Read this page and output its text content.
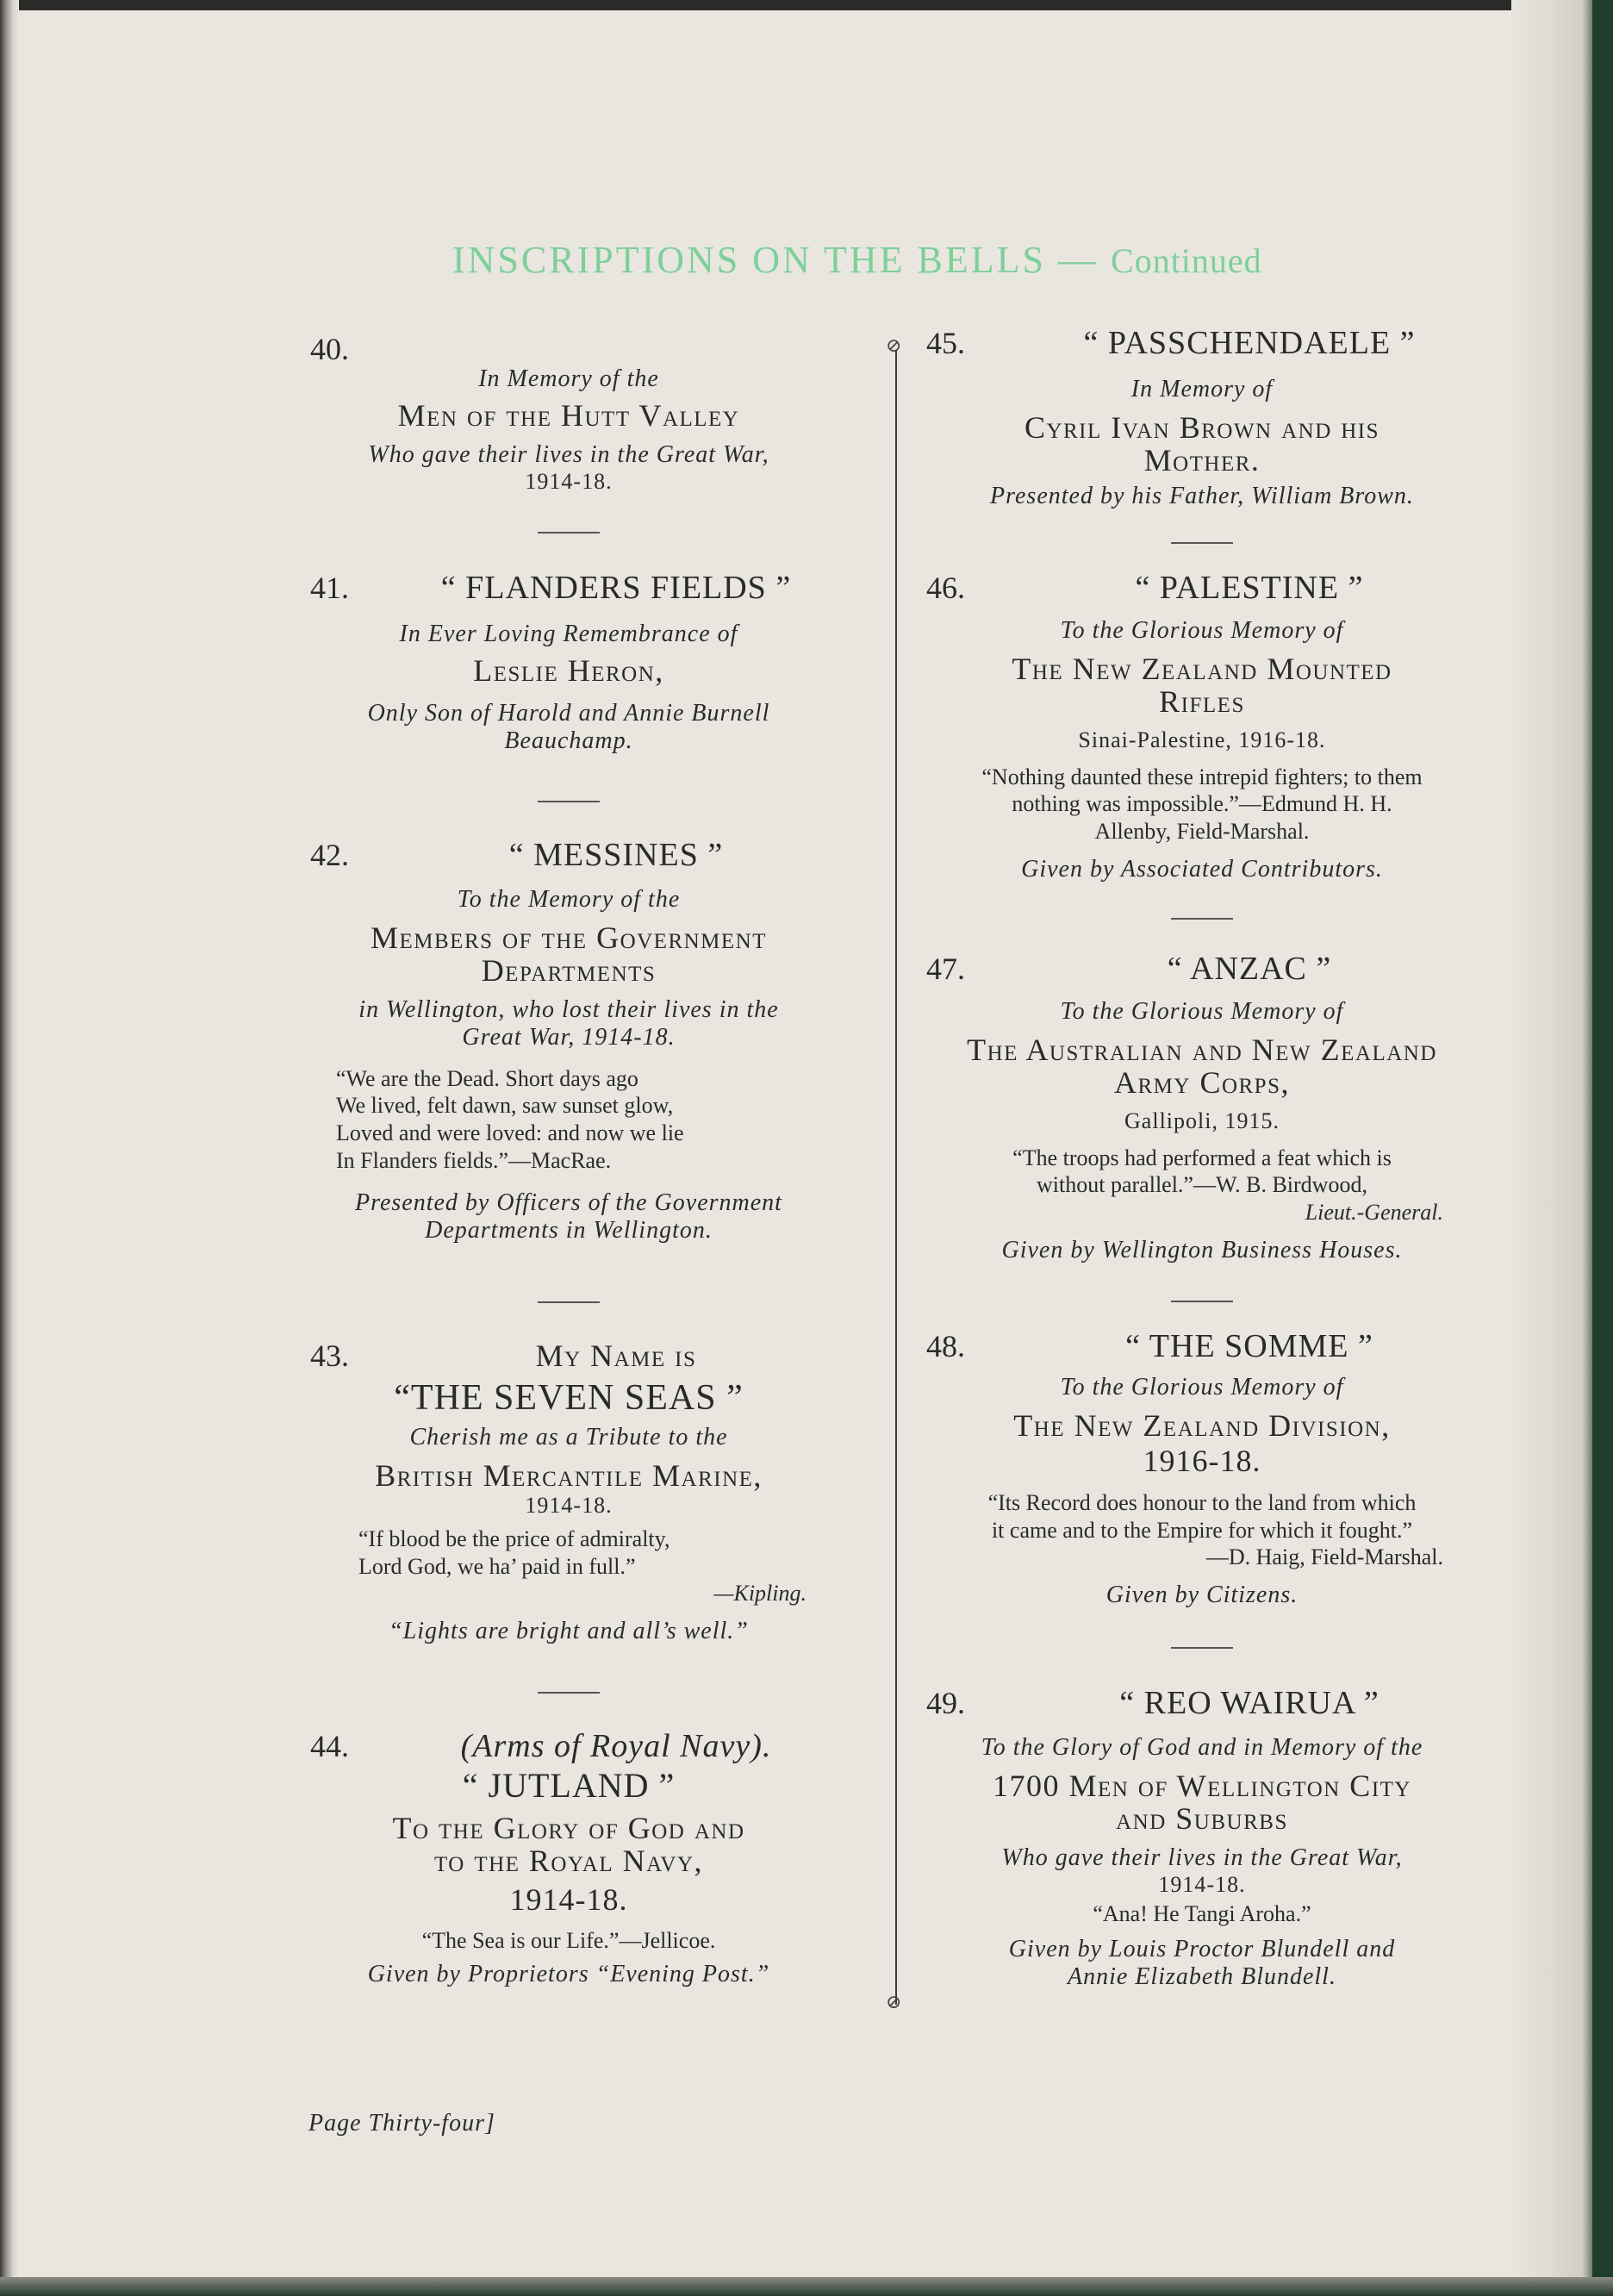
INSCRIPTIONS ON THE BELLS — Continued
⊘
⊘
40.
In Memory of the
Men of the Hutt Valley
Who gave their lives in the Great War,
1914-18.
41.	“ FLANDERS FIELDS ”
In Ever Loving Remembrance of
Leslie Heron,
Only Son of Harold and Annie Burnell
Beauchamp.
42.	“ MESSINES ”
To the Memory of the
Members of the Government
Departments
in Wellington, who lost their lives in the
Great War, 1914-18.
“We are the Dead. Short days ago
We lived, felt dawn, saw sunset glow,
Loved and were loved: and now we lie
In Flanders fields.”—MacRae.
Presented by Officers of the Government
Departments in Wellington.
43.	My Name is
“THE SEVEN SEAS ”
Cherish me as a Tribute to the
British Mercantile Marine,
1914-18.
“If blood be the price of admiralty,
Lord God, we ha’ paid in full.”
—Kipling.
“Lights are bright and all’s well.”
44.	(Arms of Royal Navy).
“ JUTLAND ”
To the Glory of God and
to the Royal Navy,
1914-18.
“The Sea is our Life.”—Jellicoe.
Given by Proprietors “Evening Post.”
45.	“ PASSCHENDAELE ”
In Memory of
Cyril Ivan Brown and his
Mother.
Presented by his Father, William Brown.
46.	“ PALESTINE ”
To the Glorious Memory of
The New Zealand Mounted
Rifles
Sinai-Palestine, 1916-18.
“Nothing daunted these intrepid fighters; to them
nothing was impossible.”—Edmund H. H.
Allenby, Field-Marshal.
Given by Associated Contributors.
47.	“ ANZAC ”
To the Glorious Memory of
The Australian and New Zealand
Army Corps,
Gallipoli, 1915.
“The troops had performed a feat which is
without parallel.”—W. B. Birdwood,
Lieut.-General.
Given by Wellington Business Houses.
48.	“ THE SOMME ”
To the Glorious Memory of
The New Zealand Division,
1916-18.
“Its Record does honour to the land from which
it came and to the Empire for which it fought.”
—D. Haig, Field-Marshal.
Given by Citizens.
49.	“ REO WAIRUA ”
To the Glory of God and in Memory of the
1700 Men of Wellington City
and Suburbs
Who gave their lives in the Great War,
1914-18.
“Ana! He Tangi Aroha.”
Given by Louis Proctor Blundell and
Annie Elizabeth Blundell.
Page Thirty-four]
